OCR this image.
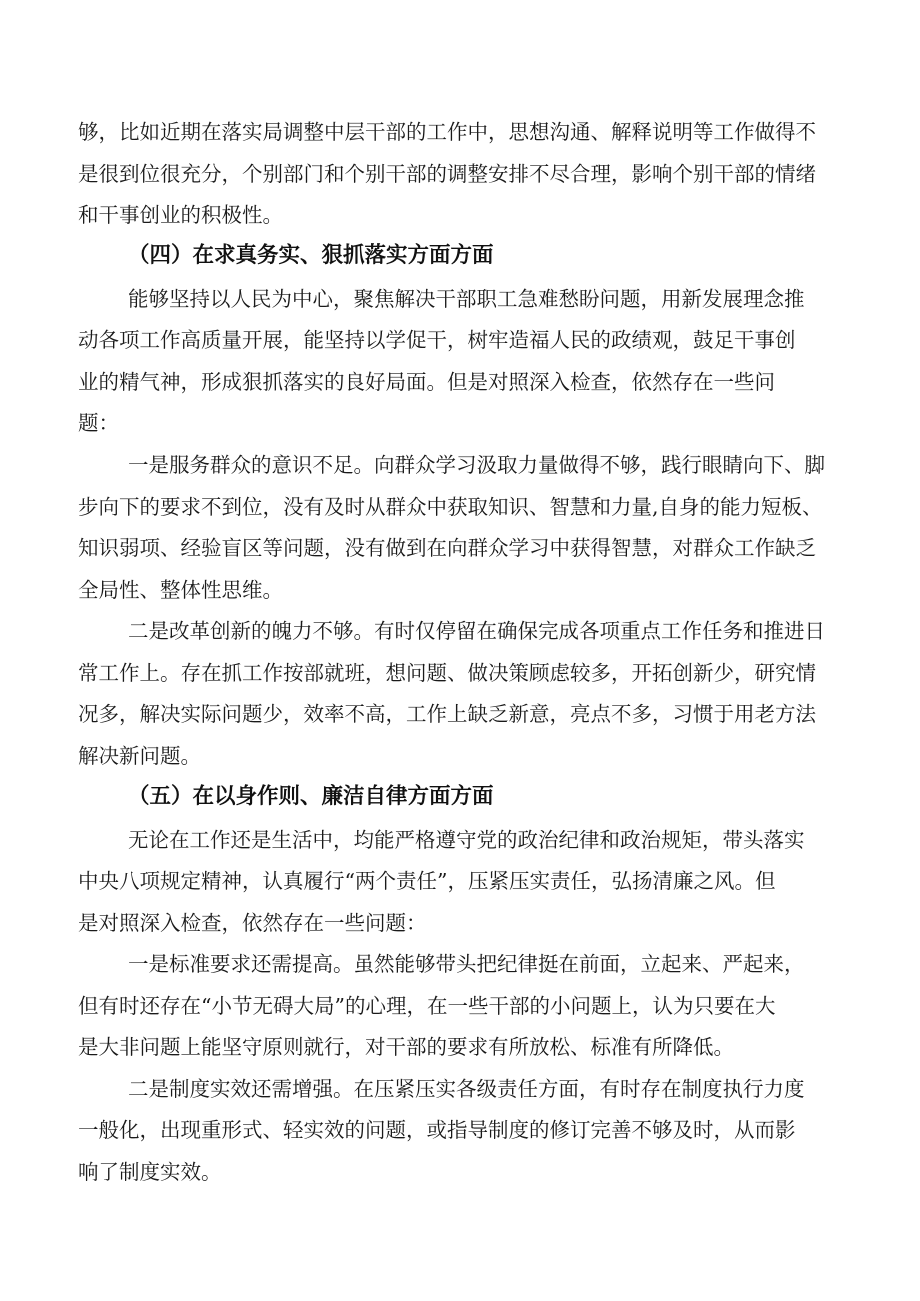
够，比如近期在落实局调整中层干部的工作中，思想沟通、解释说明等工作做得不

是很到位很充分，个别部门和个别干部的调整安排不尽合理，影响个别干部的情绪

和干事创业的积极性。

（四）在求真务实、狠抓落实方面方面

能够坚持以人民为中心，聚焦解决干部职工急难愁盼问题，用新发展理念推

动各项工作高质量开展，能坚持以学促干，树牢造福人民的政绩观，鼓足干事创

业的精气神，形成狠抓落实的良好局面。但是对照深入检查，依然存在一些问

题：

一是服务群众的意识不足。向群众学习汲取力量做得不够，践行眼睛向下、脚

步向下的要求不到位，没有及时从群众中获取知识、智慧和力量,自身的能力短板、

知识弱项、经验盲区等问题，没有做到在向群众学习中获得智慧，对群众工作缺乏

全局性、整体性思维。

二是改革创新的魄力不够。有时仅停留在确保完成各项重点工作任务和推进日

常工作上。存在抓工作按部就班，想问题、做决策顾虑较多，开拓创新少，研究情

况多，解决实际问题少，效率不高，工作上缺乏新意，亮点不多，习惯于用老方法

解决新问题。

（五）在以身作则、廉洁自律方面方面

无论在工作还是生活中，均能严格遵守党的政治纪律和政治规矩，带头落实

中央八项规定精神，认真履行“两个责任”，压紧压实责任，弘扬清廉之风。但

是对照深入检查，依然存在一些问题：

一是标准要求还需提高。虽然能够带头把纪律挺在前面，立起来、严起来，

但有时还存在“小节无碍大局”的心理，在一些干部的小问题上，认为只要在大

是大非问题上能坚守原则就行，对干部的要求有所放松、标准有所降低。

二是制度实效还需增强。在压紧压实各级责任方面，有时存在制度执行力度

一般化，出现重形式、轻实效的问题，或指导制度的修订完善不够及时，从而影

响了制度实效。
